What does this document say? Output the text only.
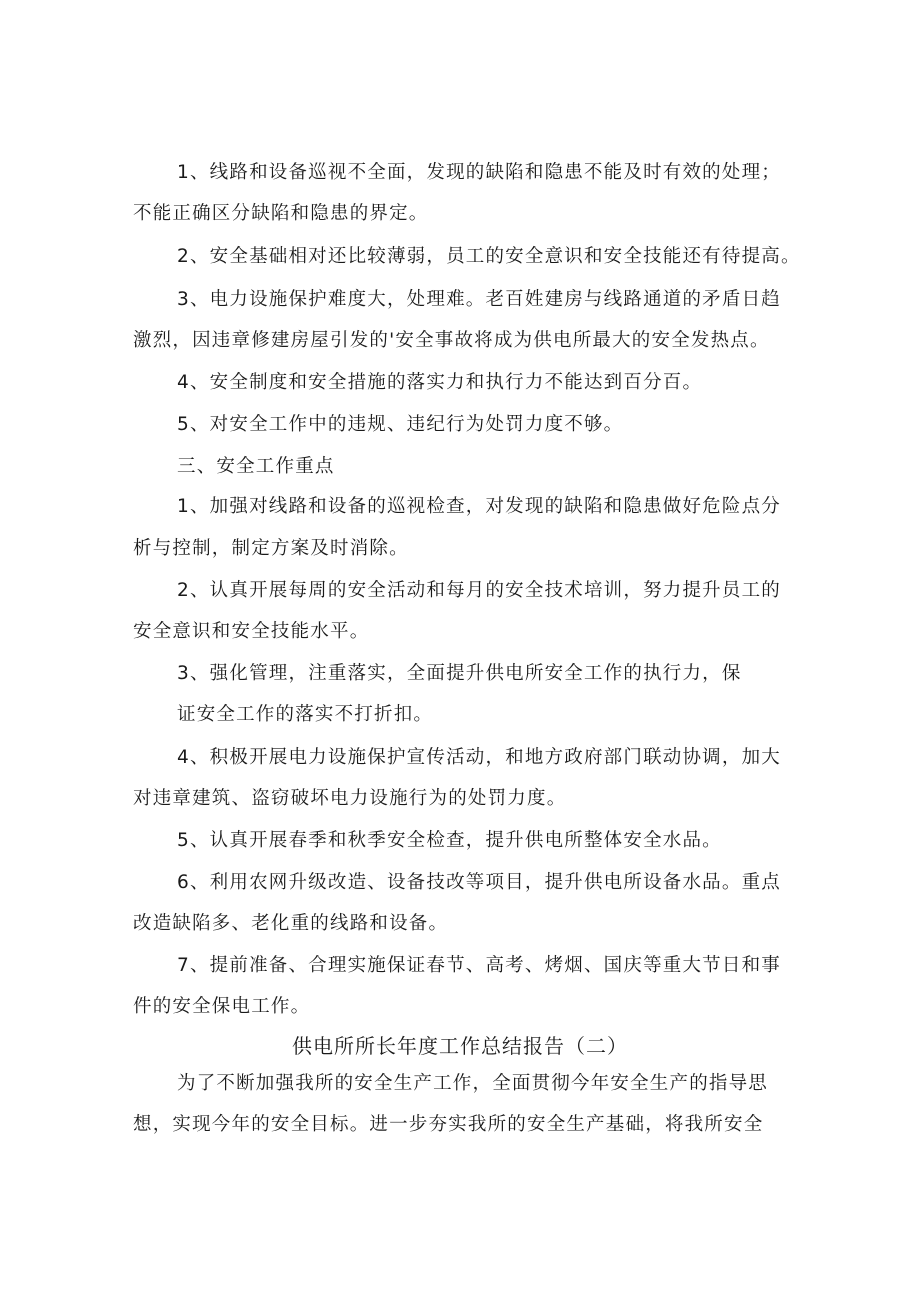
1、线路和设备巡视不全面，发现的缺陷和隐患不能及时有效的处理；
不能正确区分缺陷和隐患的界定。
2、安全基础相对还比较薄弱，员工的安全意识和安全技能还有待提高。
3、电力设施保护难度大，处理难。老百姓建房与线路通道的矛盾日趋
激烈，因违章修建房屋引发的'安全事故将成为供电所最大的安全发热点。
4、安全制度和安全措施的落实力和执行力不能达到百分百。
5、对安全工作中的违规、违纪行为处罚力度不够。
三、安全工作重点
1、加强对线路和设备的巡视检查，对发现的缺陷和隐患做好危险点分
析与控制，制定方案及时消除。
2、认真开展每周的安全活动和每月的安全技术培训，努力提升员工的
安全意识和安全技能水平。
3、强化管理，注重落实，全面提升供电所安全工作的执行力，保
证安全工作的落实不打折扣。
4、积极开展电力设施保护宣传活动，和地方政府部门联动协调，加大
对违章建筑、盗窃破坏电力设施行为的处罚力度。
5、认真开展春季和秋季安全检查，提升供电所整体安全水品。
6、利用农网升级改造、设备技改等项目，提升供电所设备水品。重点
改造缺陷多、老化重的线路和设备。
7、提前准备、合理实施保证春节、高考、烤烟、国庆等重大节日和事
件的安全保电工作。
供电所所长年度工作总结报告（二）
为了不断加强我所的安全生产工作，全面贯彻今年安全生产的指导思
想，实现今年的安全目标。进一步夯实我所的安全生产基础，将我所安全
